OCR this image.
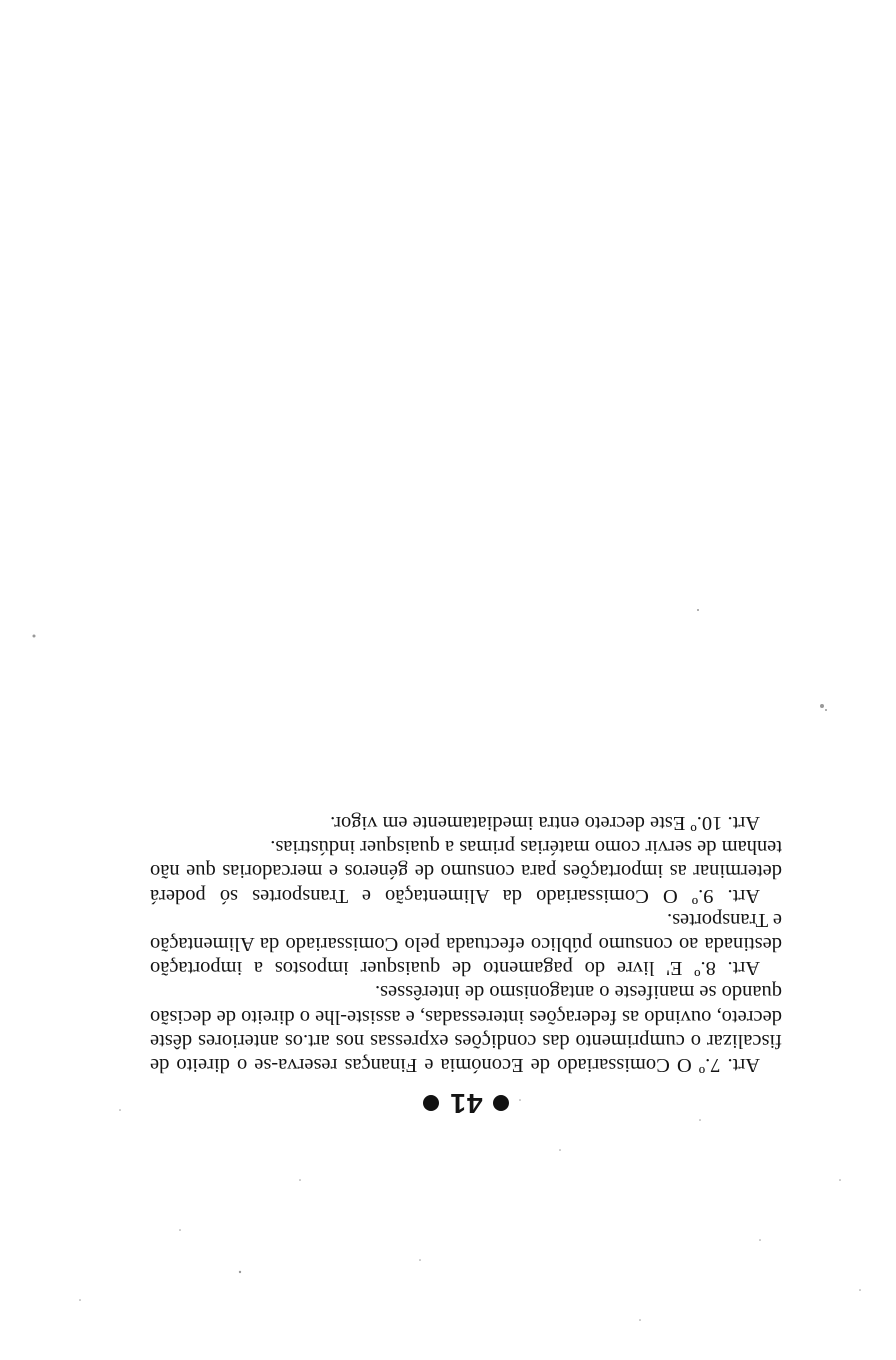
41

Art. 7.º O Comissariado de Económia e Finanças reserva-se o direito de fiscalizar o cumprimento das condições expressas nos art.os anteriores dêste decreto, ouvindo as federações interessadas, e assiste-lhe o direito de decisão quando se manifeste o antagonismo de interêsses.

Art. 8.º E' livre do pagamento de quaisquer impostos a importação destinada ao consumo público efectuada pelo Comissariado da Alimentação e Transportes.

Art. 9.º O Comissariado da Alimentação e Transportes só poderá determinar as importações para consumo de géneros e mercadorias que não tenham de servir como matérias primas a quaisquer indústrias.

Art. 10.º Este decreto entra imediatamente em vigor.
